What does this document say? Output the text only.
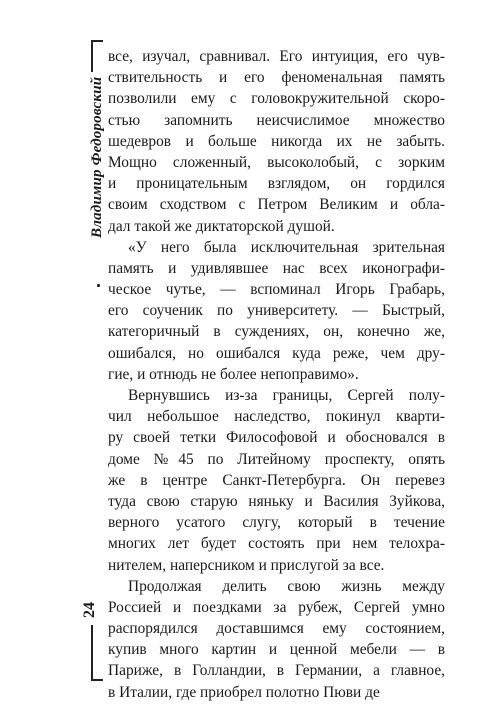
Владимир Федоровский
24
все, изучал, сравнивал. Его интуиция, его чув-
ствительность и его феноменальная память
позволили ему с головокружительной скоро-
стью запомнить неисчислимое множество
шедевров и больше никогда их не забыть.
Мощно сложенный, высоколобый, с зорким
и проницательным взглядом, он гордился
своим сходством с Петром Великим и обла-
дал такой же диктаторской душой.
«У него была исключительная зрительная
память и удивлявшее нас всех иконографи-
ческое чутье, — вспоминал Игорь Грабарь,
его соученик по университету. — Быстрый,
категоричный в суждениях, он, конечно же,
ошибался, но ошибался куда реже, чем дру-
гие, и отнюдь не более непоправимо».
Вернувшись из-за границы, Сергей полу-
чил небольшое наследство, покинул кварти-
ру своей тетки Философовой и обосновался в
доме №45 по Литейному проспекту, опять
же в центре Санкт-Петербурга. Он перевез
туда свою старую няньку и Василия Зуйкова,
верного усатого слугу, который в течение
многих лет будет состоять при нем телохра-
нителем, наперсником и прислугой за все.
Продолжая делить свою жизнь между
Россией и поездками за рубеж, Сергей умно
распорядился доставшимся ему состоянием,
купив много картин и ценной мебели — в
Париже, в Голландии, в Германии, а главное,
в Италии, где приобрел полотно Пюви де
